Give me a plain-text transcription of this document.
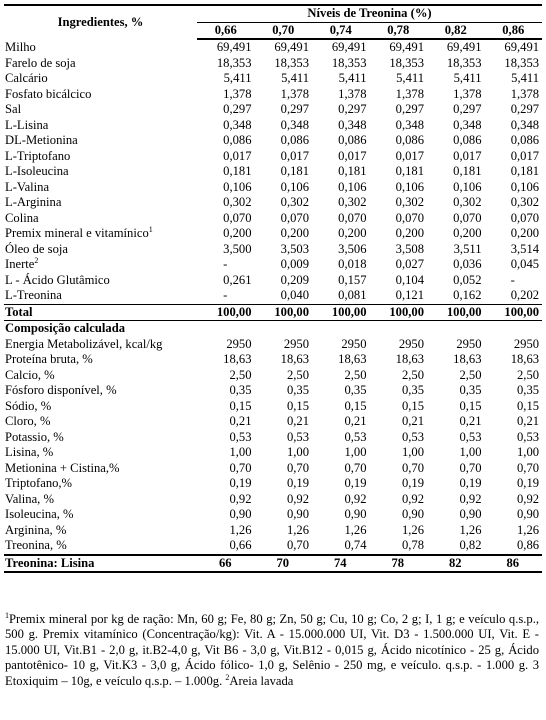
Ingredientes, %	Níveis de Treonina (%)					
	0,66	0,70	0,74	0,78	0,82	0,86
Milho	69,491	69,491	69,491	69,491	69,491	69,491
Farelo de soja	18,353	18,353	18,353	18,353	18,353	18,353
Calcário	5,411	5,411	5,411	5,411	5,411	5,411
Fosfato bicálcico	1,378	1,378	1,378	1,378	1,378	1,378
Sal	0,297	0,297	0,297	0,297	0,297	0,297
L-Lisina	0,348	0,348	0,348	0,348	0,348	0,348
DL-Metionina	0,086	0,086	0,086	0,086	0,086	0,086
L-Triptofano	0,017	0,017	0,017	0,017	0,017	0,017
L-Isoleucina	0,181	0,181	0,181	0,181	0,181	0,181
L-Valina	0,106	0,106	0,106	0,106	0,106	0,106
L-Arginina	0,302	0,302	0,302	0,302	0,302	0,302
Colina	0,070	0,070	0,070	0,070	0,070	0,070
Premix mineral e vitamínico$^1$	0,200	0,200	0,200	0,200	0,200	0,200
Óleo de soja	3,500	3,503	3,506	3,508	3,511	3,514
Inerte$^2$	-	0,009	0,018	0,027	0,036	0,045
L - Ácido Glutâmico	0,261	0,209	0,157	0,104	0,052	-
L-Treonina	-	0,040	0,081	0,121	0,162	0,202
Total	100,00	100,00	100,00	100,00	100,00	100,00
Composição calculada						
Energia Metabolizável, kcal/kg	2950	2950	2950	2950	2950	2950
Proteína bruta, %	18,63	18,63	18,63	18,63	18,63	18,63
Calcio, %	2,50	2,50	2,50	2,50	2,50	2,50
Fósforo disponível, %	0,35	0,35	0,35	0,35	0,35	0,35
Sódio, %	0,15	0,15	0,15	0,15	0,15	0,15
Cloro, %	0,21	0,21	0,21	0,21	0,21	0,21
Potassio, %	0,53	0,53	0,53	0,53	0,53	0,53
Lisina, %	1,00	1,00	1,00	1,00	1,00	1,00
Metionina + Cistina,%	0,70	0,70	0,70	0,70	0,70	0,70
Triptofano,%	0,19	0,19	0,19	0,19	0,19	0,19
Valina, %	0,92	0,92	0,92	0,92	0,92	0,92
Isoleucina, %	0,90	0,90	0,90	0,90	0,90	0,90
Arginina, %	1,26	1,26	1,26	1,26	1,26	1,26
Treonina, %	0,66	0,70	0,74	0,78	0,82	0,86
Treonina: Lisina	66	70	74	78	82	86
$^1$Premix mineral por kg de ração: Mn, 60 g; Fe, 80 g; Zn, 50 g; Cu, 10 g; Co, 2 g; I, 1 g; e veículo q.s.p., 500 g. Premix vitamínico (Concentração/kg): Vit. A - 15.000.000 UI, Vit. D3 - 1.500.000 UI, Vit. E - 15.000 UI, Vit.B1 - 2,0 g, it.B2-4,0 g, Vit B6 - 3,0 g, Vit.B12 - 0,015 g, Ácido nicotínico - 25 g, Ácido pantotênico- 10 g, Vit.K3 - 3,0 g, Ácido fólico- 1,0 g, Selênio - 250 mg, e veículo. q.s.p. - 1.000 g. 3 Etoxiquim – 10g, e veículo q.s.p. – 1.000g. $^2$Areia lavada
